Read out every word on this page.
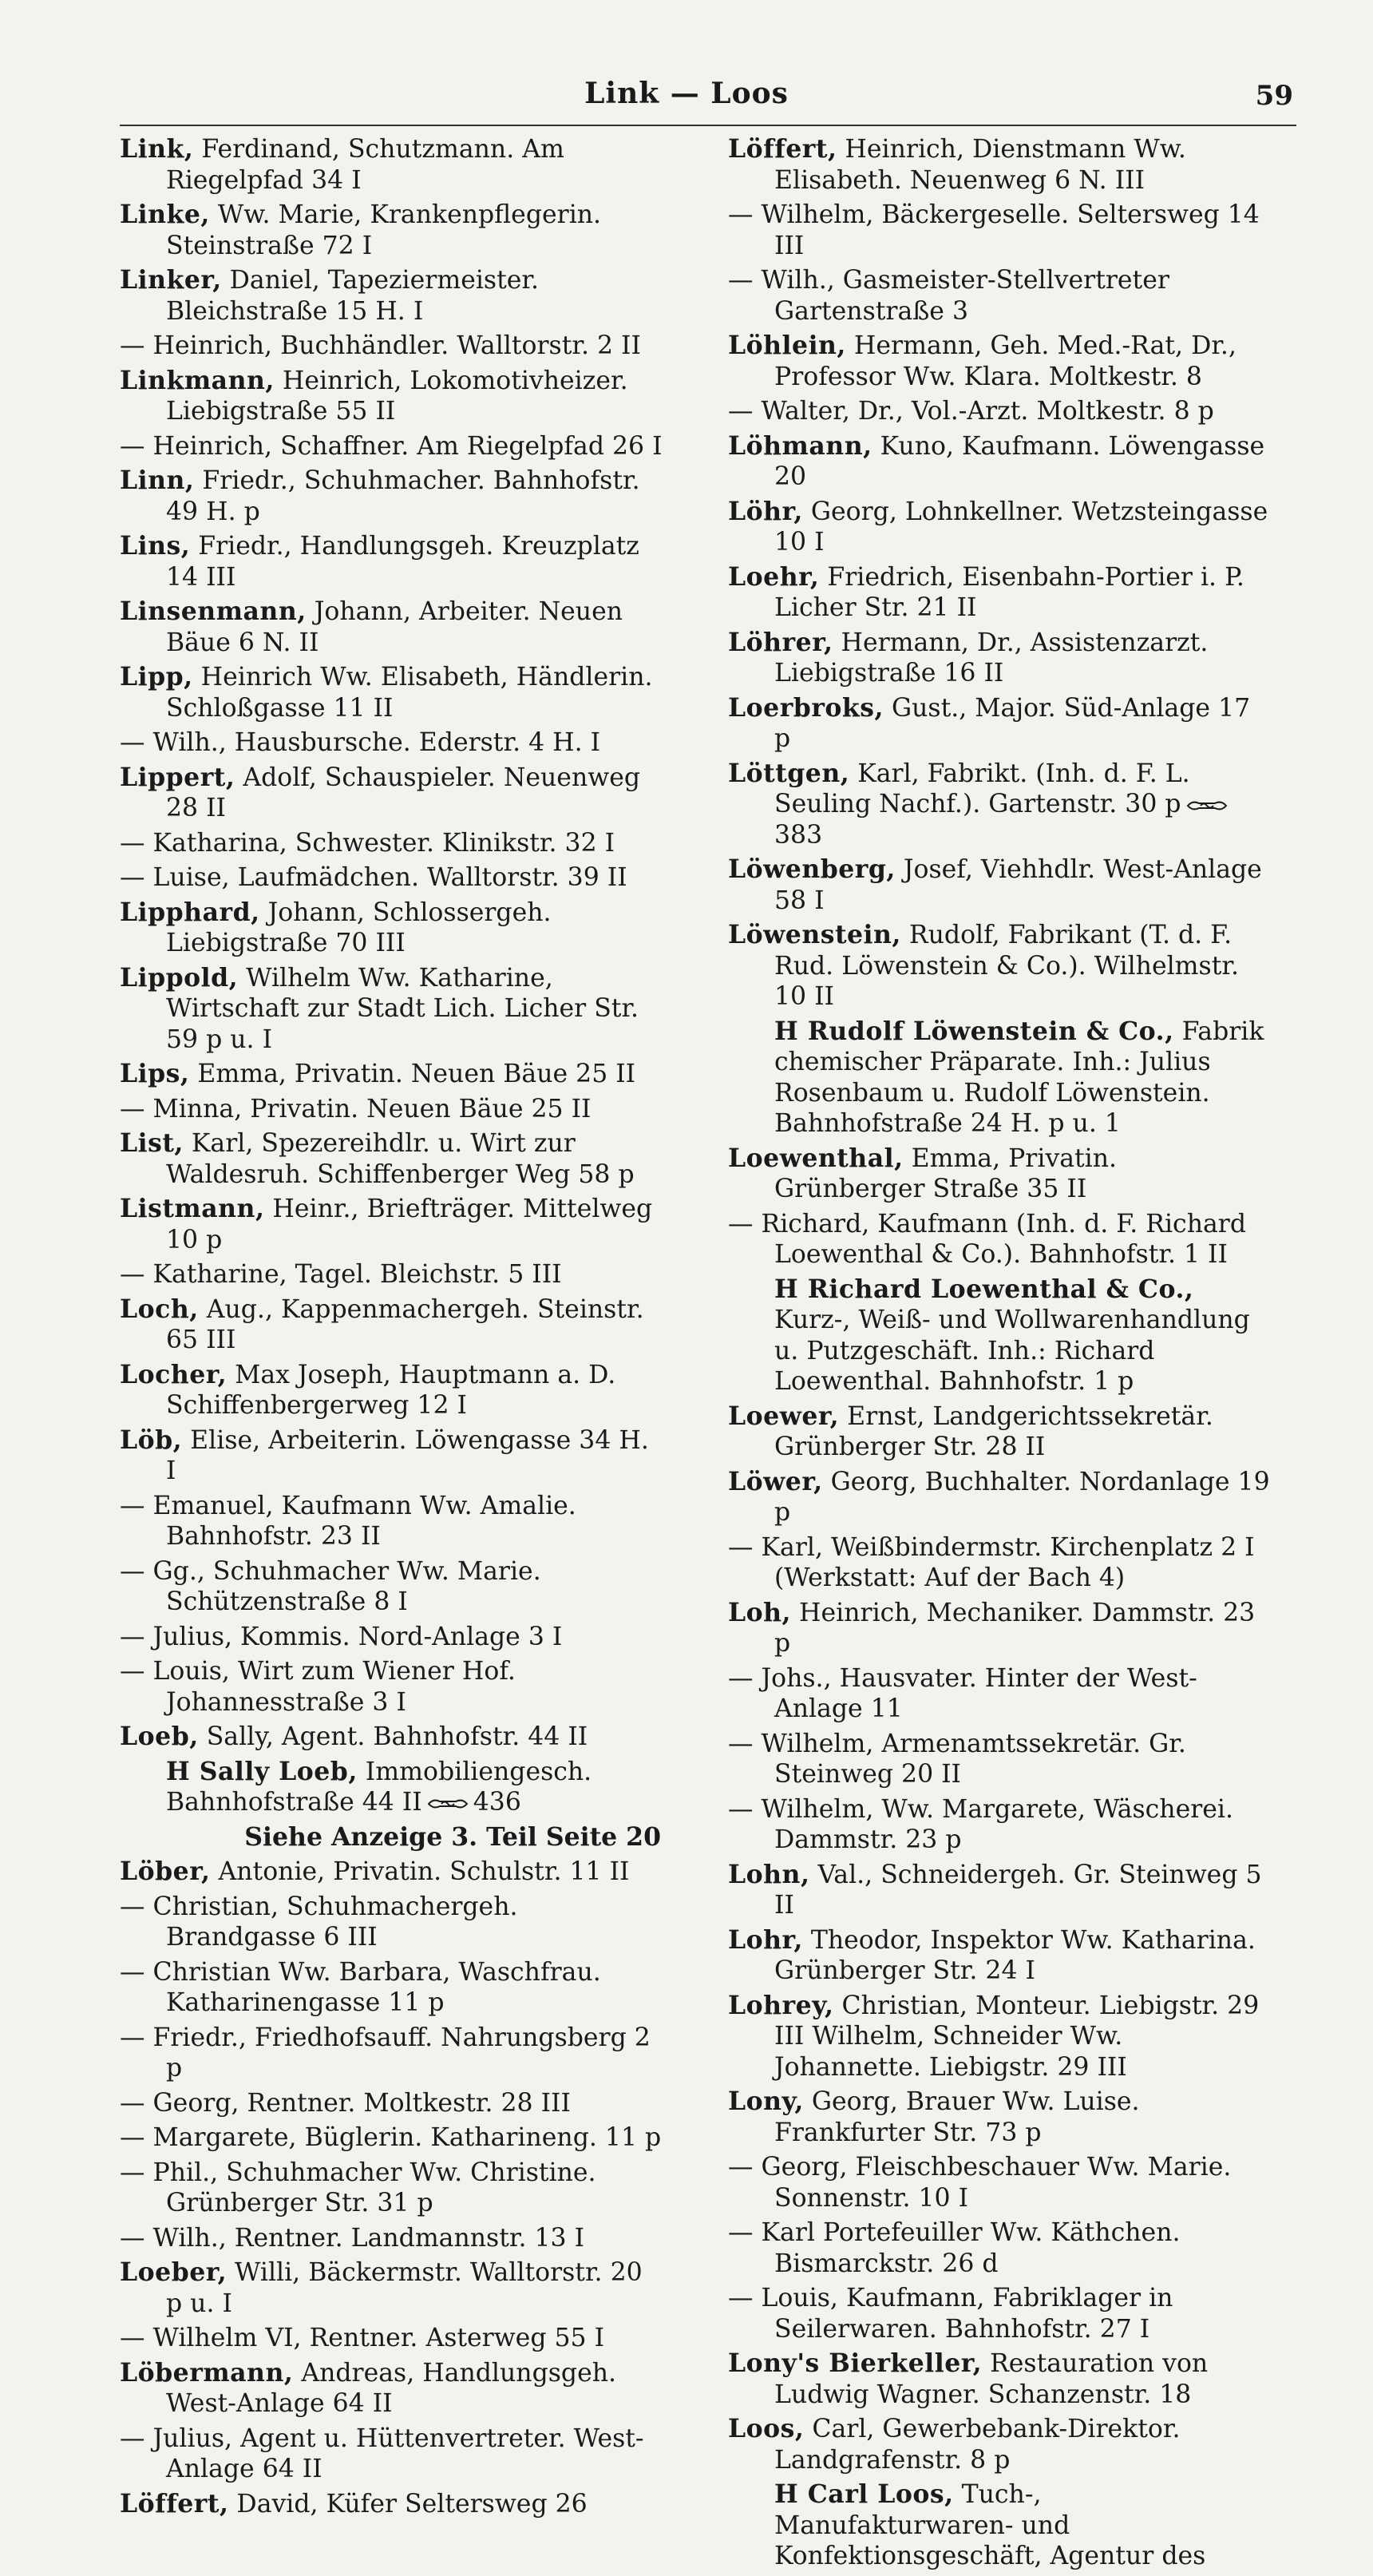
Link — Loos	59
Link, Ferdinand, Schutzmann. Am Riegelpfad 34 I
Linke, Ww. Marie, Krankenpflegerin. Steinstraße 72 I
Linker, Daniel, Tapeziermeister. Bleichstraße 15 H. I
— Heinrich, Buchhändler. Walltorstr. 2 II
Linkmann, Heinrich, Lokomotivheizer. Liebigstraße 55 II
— Heinrich, Schaffner. Am Riegelpfad 26 I
Linn, Friedr., Schuhmacher. Bahnhofstr. 49 H. p
Lins, Friedr., Handlungsgeh. Kreuzplatz 14 III
Linsenmann, Johann, Arbeiter. Neuen Bäue 6 N. II
Lipp, Heinrich Ww. Elisabeth, Händlerin. Schloßgasse 11 II
— Wilh., Hausbursche. Ederstr. 4 H. I
Lippert, Adolf, Schauspieler. Neuenweg 28 II
— Katharina, Schwester. Klinikstr. 32 I
— Luise, Laufmädchen. Walltorstr. 39 II
Lipphard, Johann, Schlossergeh. Liebigstraße 70 III
Lippold, Wilhelm Ww. Katharine, Wirtschaft zur Stadt Lich. Licher Str. 59 p u. I
Lips, Emma, Privatin. Neuen Bäue 25 II
— Minna, Privatin. Neuen Bäue 25 II
List, Karl, Spezereihdlr. u. Wirt zur Waldesruh. Schiffenberger Weg 58 p
Listmann, Heinr., Briefträger. Mittelweg 10 p
— Katharine, Tagel. Bleichstr. 5 III
Loch, Aug., Kappenmachergeh. Steinstr. 65 III
Locher, Max Joseph, Hauptmann a. D. Schiffenbergerweg 12 I
Löb, Elise, Arbeiterin. Löwengasse 34 H. I
— Emanuel, Kaufmann Ww. Amalie. Bahnhofstr. 23 II
— Gg., Schuhmacher Ww. Marie. Schützenstraße 8 I
— Julius, Kommis. Nord-Anlage 3 I
— Louis, Wirt zum Wiener Hof. Johannesstraße 3 I
Loeb, Sally, Agent. Bahnhofstr. 44 II
H Sally Loeb, Immobiliengesch. Bahnhofstraße 44 II 436
Siehe Anzeige 3. Teil Seite 20
Löber, Antonie, Privatin. Schulstr. 11 II
— Christian, Schuhmachergeh. Brandgasse 6 III
— Christian Ww. Barbara, Waschfrau. Katharinengasse 11 p
— Friedr., Friedhofsauff. Nahrungsberg 2 p
— Georg, Rentner. Moltkestr. 28 III
— Margarete, Büglerin. Katharineng. 11 p
— Phil., Schuhmacher Ww. Christine. Grünberger Str. 31 p
— Wilh., Rentner. Landmannstr. 13 I
Loeber, Willi, Bäckermstr. Walltorstr. 20 p u. I
— Wilhelm VI, Rentner. Asterweg 55 I
Löbermann, Andreas, Handlungsgeh. West-Anlage 64 II
— Julius, Agent u. Hüttenvertreter. West-Anlage 64 II
Löffert, David, Küfer Seltersweg 26
Löffert, Heinrich, Dienstmann Ww. Elisabeth. Neuenweg 6 N. III
— Wilhelm, Bäckergeselle. Seltersweg 14 III
— Wilh., Gasmeister-Stellvertreter Gartenstraße 3
Löhlein, Hermann, Geh. Med.-Rat, Dr., Professor Ww. Klara. Moltkestr. 8
— Walter, Dr., Vol.-Arzt. Moltkestr. 8 p
Löhmann, Kuno, Kaufmann. Löwengasse 20
Löhr, Georg, Lohnkellner. Wetzsteingasse 10 I
Loehr, Friedrich, Eisenbahn-Portier i. P. Licher Str. 21 II
Löhrer, Hermann, Dr., Assistenzarzt. Liebigstraße 16 II
Loerbroks, Gust., Major. Süd-Anlage 17 p
Löttgen, Karl, Fabrikt. (Inh. d. F. L. Seuling Nachf.). Gartenstr. 30 p383
Löwenberg, Josef, Viehhdlr. West-Anlage 58 I
Löwenstein, Rudolf, Fabrikant (T. d. F. Rud. Löwenstein & Co.). Wilhelmstr. 10 II
H Rudolf Löwenstein & Co., Fabrik chemischer Präparate. Inh.: Julius Rosenbaum u. Rudolf Löwenstein. Bahnhofstraße 24 H. p u. 1
Loewenthal, Emma, Privatin. Grünberger Straße 35 II
— Richard, Kaufmann (Inh. d. F. Richard Loewenthal & Co.). Bahnhofstr. 1 II
H Richard Loewenthal & Co., Kurz-, Weiß- und Wollwarenhandlung u. Putzgeschäft. Inh.: Richard Loewenthal. Bahnhofstr. 1 p
Loewer, Ernst, Landgerichtssekretär. Grünberger Str. 28 II
Löwer, Georg, Buchhalter. Nordanlage 19 p
— Karl, Weißbindermstr. Kirchenplatz 2 I (Werkstatt: Auf der Bach 4)
Loh, Heinrich, Mechaniker. Dammstr. 23 p
— Johs., Hausvater. Hinter der West-Anlage 11
— Wilhelm, Armenamtssekretär. Gr. Steinweg 20 II
— Wilhelm, Ww. Margarete, Wäscherei. Dammstr. 23 p
Lohn, Val., Schneidergeh. Gr. Steinweg 5 II
Lohr, Theodor, Inspektor Ww. Katharina. Grünberger Str. 24 I
Lohrey, Christian, Monteur. Liebigstr. 29 III Wilhelm, Schneider Ww. Johannette. Liebigstr. 29 III
Lony, Georg, Brauer Ww. Luise. Frankfurter Str. 73 p
— Georg, Fleischbeschauer Ww. Marie. Sonnenstr. 10 I
— Karl Portefeuiller Ww. Käthchen. Bismarckstr. 26 d
— Louis, Kaufmann, Fabriklager in Seilerwaren. Bahnhofstr. 27 I
Lony's Bierkeller, Restauration von Ludwig Wagner. Schanzenstr. 18
Loos, Carl, Gewerbebank-Direktor. Landgrafenstr. 8 p
H Carl Loos, Tuch-, Manufakturwaren- und Konfektionsgeschäft, Agentur des
